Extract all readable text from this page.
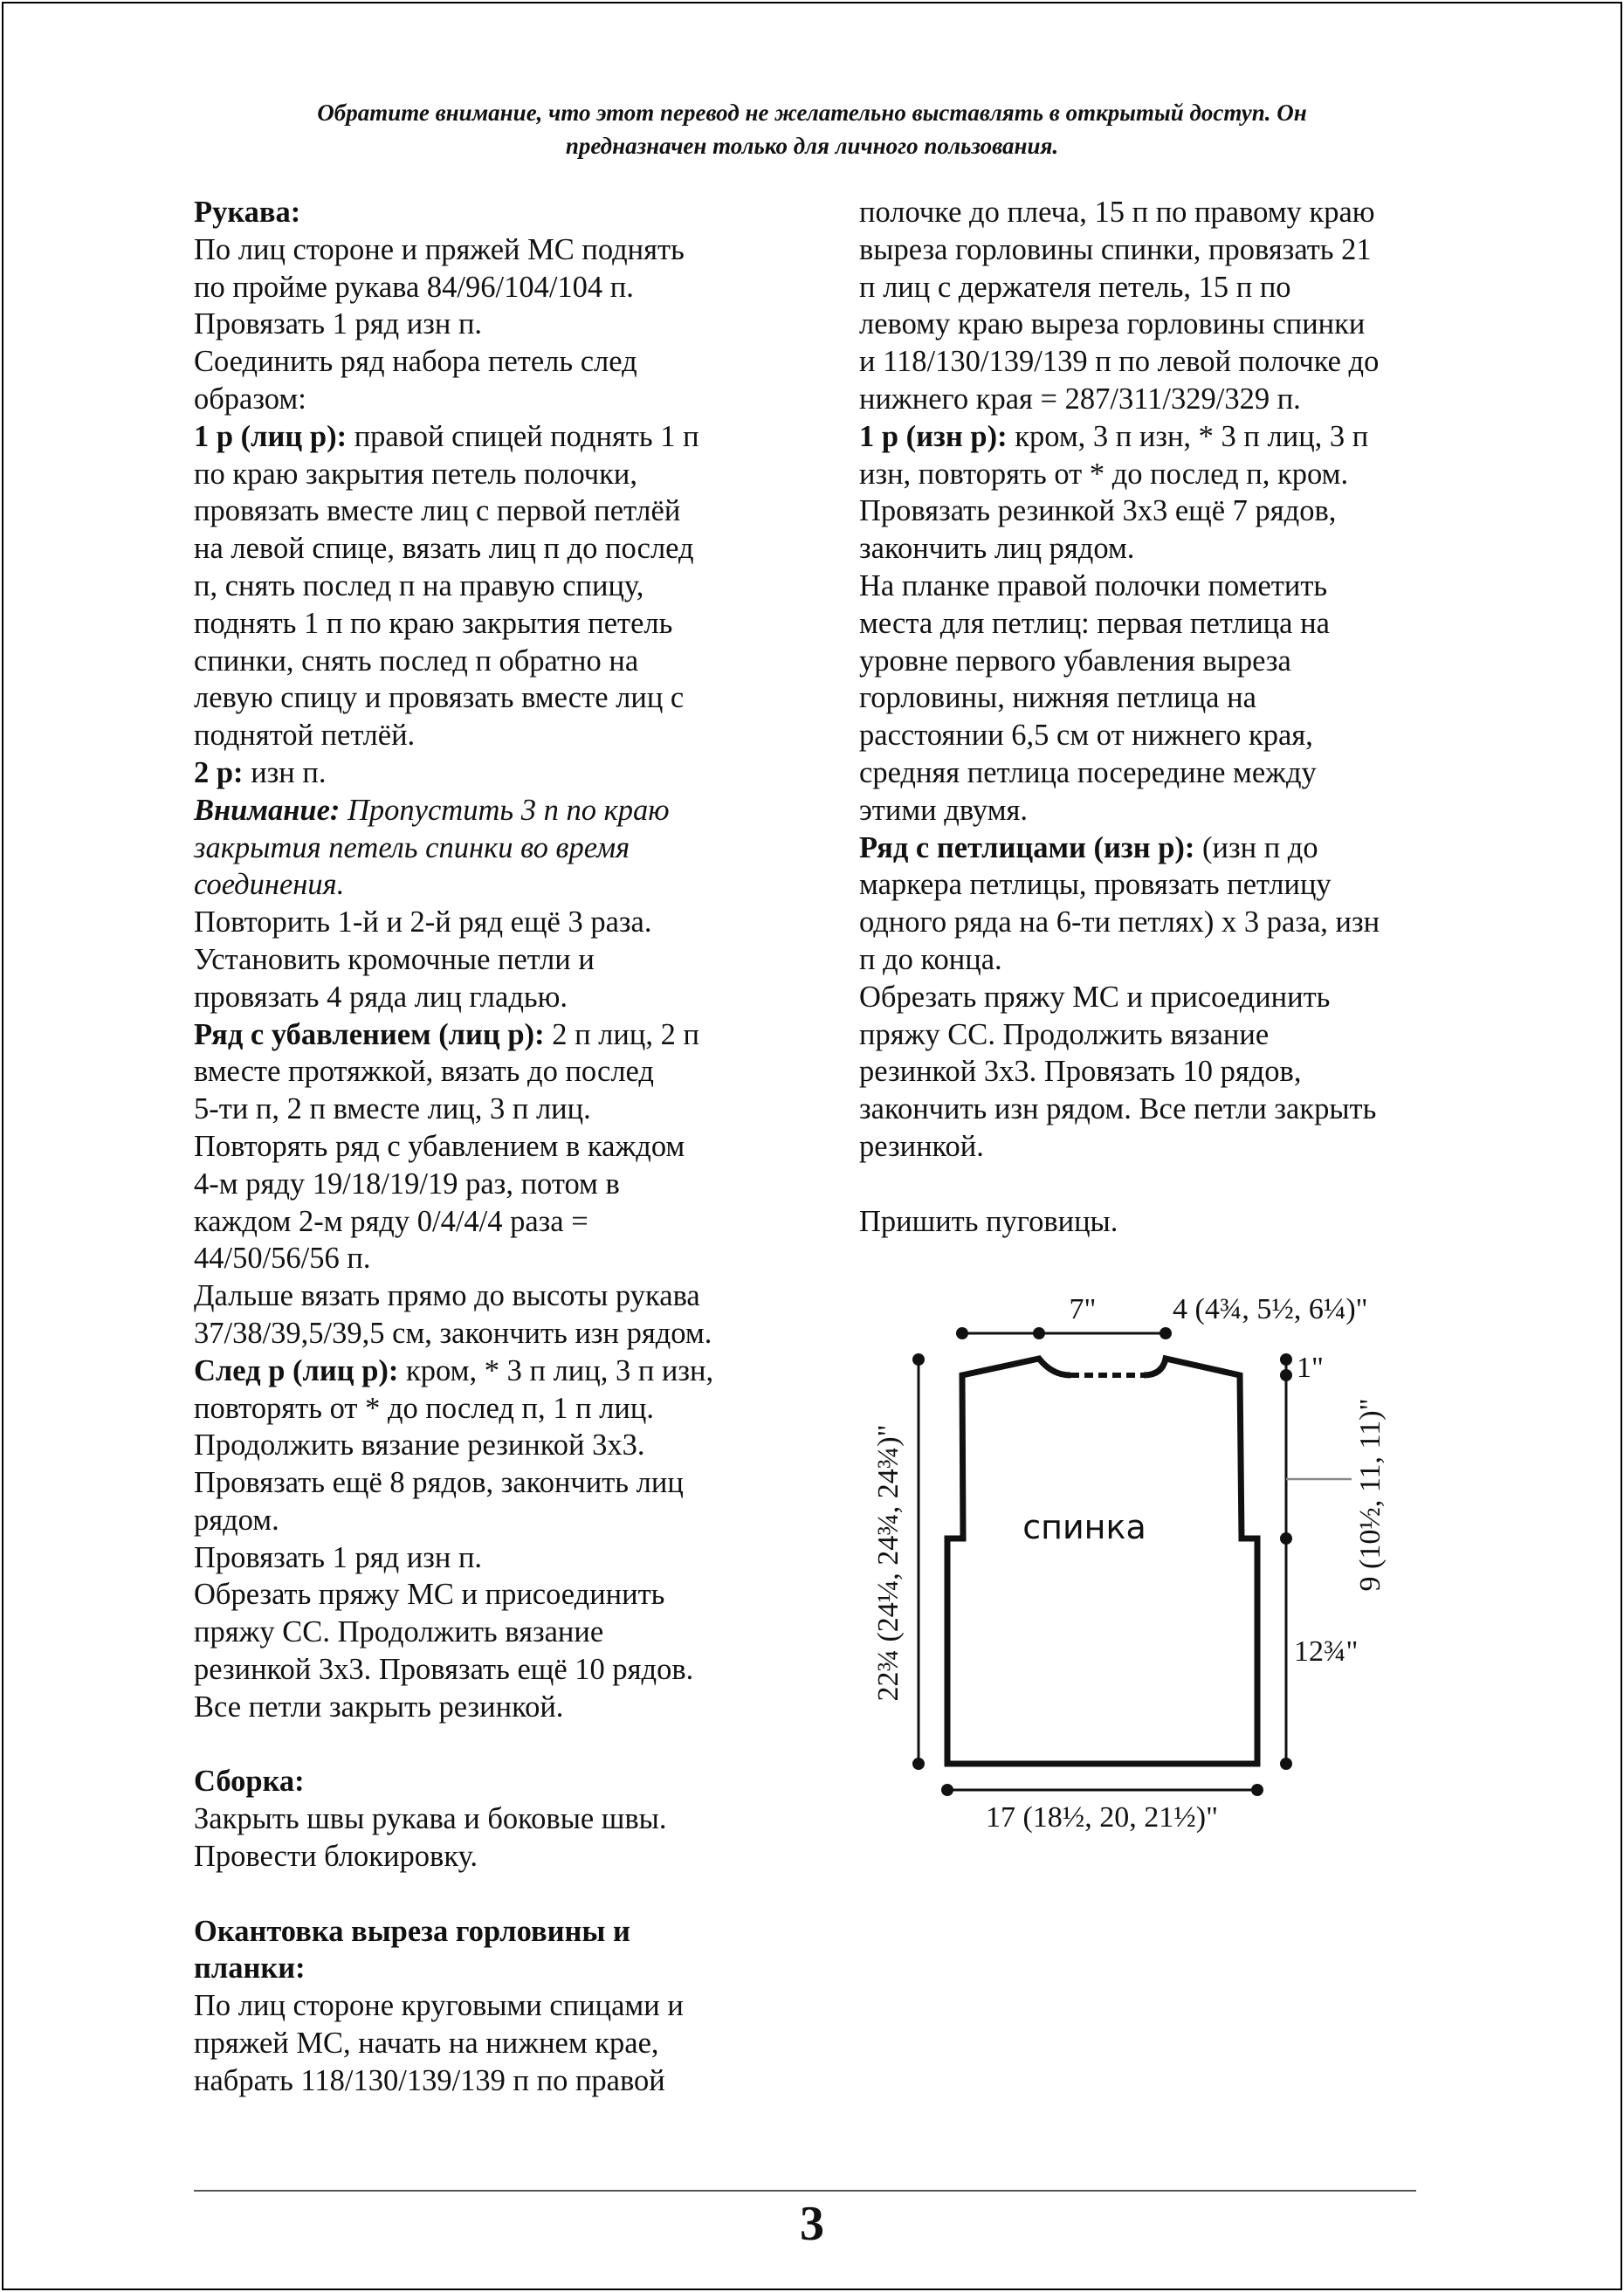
Обратите внимание, что этот перевод не желательно выставлять в открытый доступ. Он
предназначен только для личного пользования.

Рукава:
По лиц стороне и пряжей МС поднять
по пройме рукава 84/96/104/104 п.
Провязать 1 ряд изн п.
Соединить ряд набора петель след
образом:
1 р (лиц р): правой спицей поднять 1 п
по краю закрытия петель полочки,
провязать вместе лиц с первой петлёй
на левой спице, вязать лиц п до послед
п, снять послед п на правую спицу,
поднять 1 п по краю закрытия петель
спинки, снять послед п обратно на
левую спицу и провязать вместе лиц с
поднятой петлёй.
2 р: изн п.
Внимание: Пропустить 3 п по краю
закрытия петель спинки во время
соединения.
Повторить 1-й и 2-й ряд ещё 3 раза.
Установить кромочные петли и
провязать 4 ряда лиц гладью.
Ряд с убавлением (лиц р): 2 п лиц, 2 п
вместе протяжкой, вязать до послед
5-ти п, 2 п вместе лиц, 3 п лиц.
Повторять ряд с убавлением в каждом
4-м ряду 19/18/19/19 раз, потом в
каждом 2-м ряду 0/4/4/4 раза =
44/50/56/56 п.
Дальше вязать прямо до высоты рукава
37/38/39,5/39,5 см, закончить изн рядом.
След р (лиц р): кром, * 3 п лиц, 3 п изн,
повторять от * до послед п, 1 п лиц.
Продолжить вязание резинкой 3х3.
Провязать ещё 8 рядов, закончить лиц
рядом.
Провязать 1 ряд изн п.
Обрезать пряжу МС и присоединить
пряжу СС. Продолжить вязание
резинкой 3х3. Провязать ещё 10 рядов.
Все петли закрыть резинкой.
Сборка:
Закрыть швы рукава и боковые швы.
Провести блокировку.
Окантовка выреза горловины и
планки:
По лиц стороне круговыми спицами и
пряжей МС, начать на нижнем крае,
набрать 118/130/139/139 п по правой
полочке до плеча, 15 п по правому краю
выреза горловины спинки, провязать 21
п лиц с держателя петель, 15 п по
левому краю выреза горловины спинки
и 118/130/139/139 п по левой полочке до
нижнего края = 287/311/329/329 п.
1 р (изн р): кром, 3 п изн, * 3 п лиц, 3 п
изн, повторять от * до послед п, кром.
Провязать резинкой 3х3 ещё 7 рядов,
закончить лиц рядом.
На планке правой полочки пометить
места для петлиц: первая петлица на
уровне первого убавления выреза
горловины, нижняя петлица на
расстоянии 6,5 см от нижнего края,
средняя петлица посередине между
этими двумя.
Ряд с петлицами (изн р): (изн п до
маркера петлицы, провязать петлицу
одного ряда на 6-ти петлях) х 3 раза, изн
п до конца.
Обрезать пряжу МС и присоединить
пряжу СС. Продолжить вязание
резинкой 3х3. Провязать 10 рядов,
закончить изн рядом. Все петли закрыть
резинкой.
Пришить пуговицы.
7"	4 (4¾, 5½, 6¼)"
22¾ (24¼, 24¾, 24¾)"
1"
9 (10½, 11, 11)"
12¾"
17 (18½, 20, 21½)"
спинка
3
